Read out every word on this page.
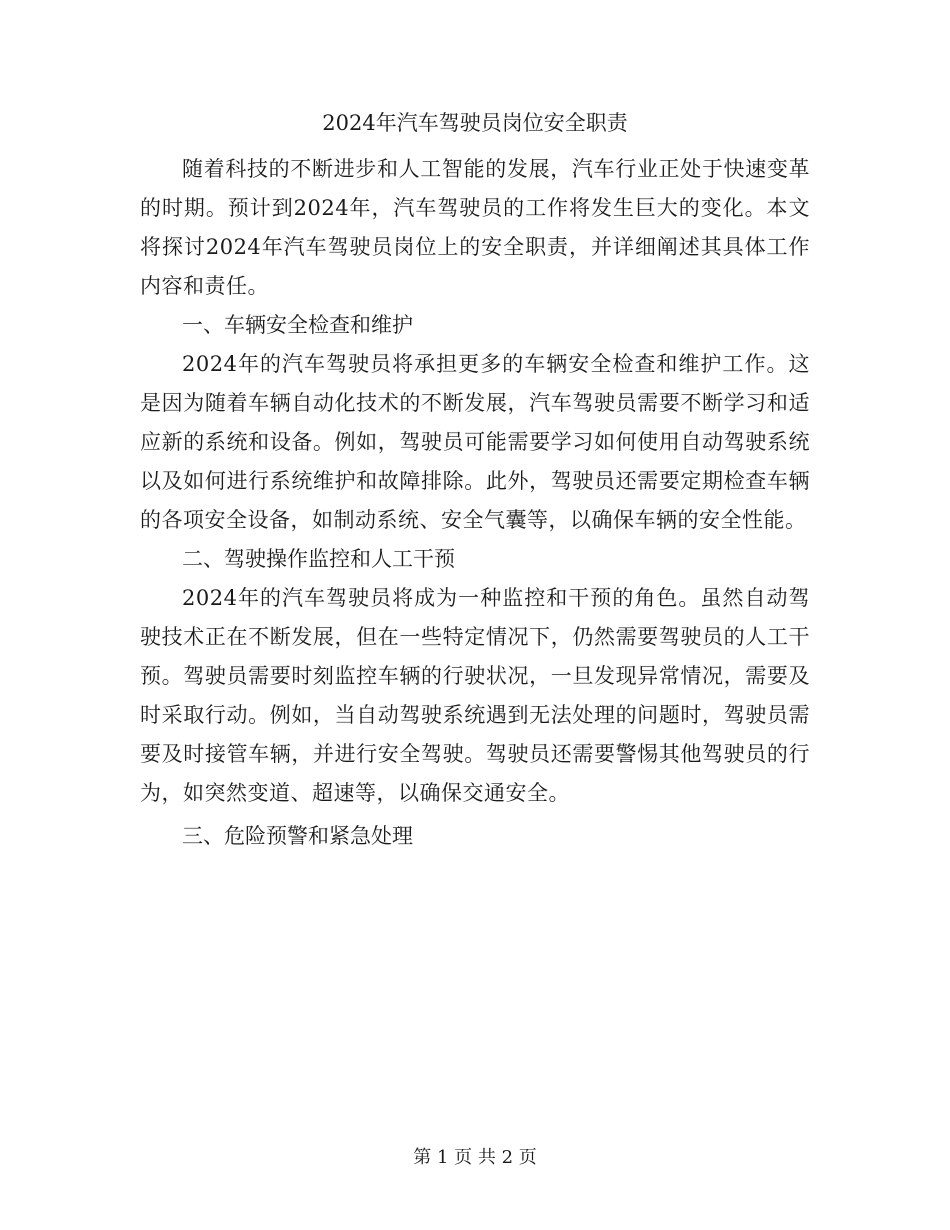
2024年汽车驾驶员岗位安全职责

随着科技的不断进步和人工智能的发展，汽车行业正处于快速变革的时期。预计到2024年，汽车驾驶员的工作将发生巨大的变化。本文将探讨2024年汽车驾驶员岗位上的安全职责，并详细阐述其具体工作内容和责任。

一、车辆安全检查和维护

2024年的汽车驾驶员将承担更多的车辆安全检查和维护工作。这是因为随着车辆自动化技术的不断发展，汽车驾驶员需要不断学习和适应新的系统和设备。例如，驾驶员可能需要学习如何使用自动驾驶系统以及如何进行系统维护和故障排除。此外，驾驶员还需要定期检查车辆的各项安全设备，如制动系统、安全气囊等，以确保车辆的安全性能。

二、驾驶操作监控和人工干预

2024年的汽车驾驶员将成为一种监控和干预的角色。虽然自动驾驶技术正在不断发展，但在一些特定情况下，仍然需要驾驶员的人工干预。驾驶员需要时刻监控车辆的行驶状况，一旦发现异常情况，需要及时采取行动。例如，当自动驾驶系统遇到无法处理的问题时，驾驶员需要及时接管车辆，并进行安全驾驶。驾驶员还需要警惕其他驾驶员的行为，如突然变道、超速等，以确保交通安全。

三、危险预警和紧急处理

第 1 页 共 2 页
